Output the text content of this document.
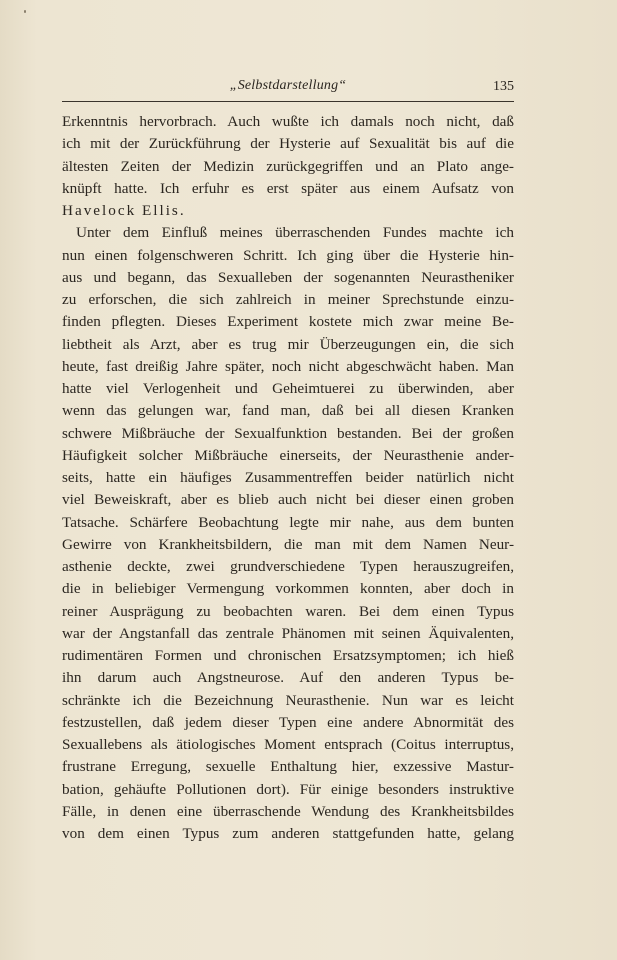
„Selbstdarstellung“	135
Erkenntnis hervorbrach. Auch wußte ich damals noch nicht, daß
ich mit der Zurückführung der Hysterie auf Sexualität bis auf die
ältesten Zeiten der Medizin zurückgegriffen und an Plato ange-
knüpft hatte. Ich erfuhr es erst später aus einem Aufsatz von
Havelock Ellis.
Unter dem Einfluß meines überraschenden Fundes machte ich
nun einen folgenschweren Schritt. Ich ging über die Hysterie hin-
aus und begann, das Sexualleben der sogenannten Neurastheniker
zu erforschen, die sich zahlreich in meiner Sprechstunde einzu-
finden pflegten. Dieses Experiment kostete mich zwar meine Be-
liebtheit als Arzt, aber es trug mir Überzeugungen ein, die sich
heute, fast dreißig Jahre später, noch nicht abgeschwächt haben. Man
hatte viel Verlogenheit und Geheimtuerei zu überwinden, aber
wenn das gelungen war, fand man, daß bei all diesen Kranken
schwere Mißbräuche der Sexualfunktion bestanden. Bei der großen
Häufigkeit solcher Mißbräuche einerseits, der Neurasthenie ander-
seits, hatte ein häufiges Zusammentreffen beider natürlich nicht
viel Beweiskraft, aber es blieb auch nicht bei dieser einen groben
Tatsache. Schärfere Beobachtung legte mir nahe, aus dem bunten
Gewirre von Krankheitsbildern, die man mit dem Namen Neur-
asthenie deckte, zwei grundverschiedene Typen herauszugreifen,
die in beliebiger Vermengung vorkommen konnten, aber doch in
reiner Ausprägung zu beobachten waren. Bei dem einen Typus
war der Angstanfall das zentrale Phänomen mit seinen Äquivalenten,
rudimentären Formen und chronischen Ersatzsymptomen; ich hieß
ihn darum auch Angstneurose. Auf den anderen Typus be-
schränkte ich die Bezeichnung Neurasthenie. Nun war es leicht
festzustellen, daß jedem dieser Typen eine andere Abnormität des
Sexuallebens als ätiologisches Moment entsprach (Coitus interruptus,
frustrane Erregung, sexuelle Enthaltung hier, exzessive Mastur-
bation, gehäufte Pollutionen dort). Für einige besonders instruktive
Fälle, in denen eine überraschende Wendung des Krankheitsbildes
von dem einen Typus zum anderen stattgefunden hatte, gelang
